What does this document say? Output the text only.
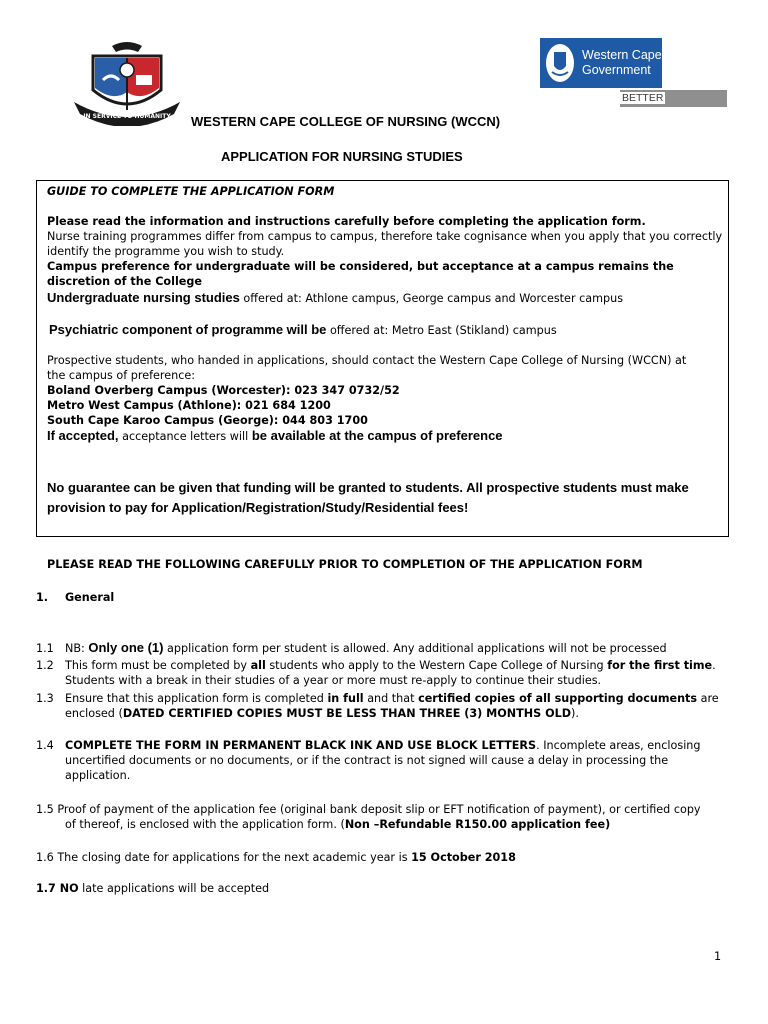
IN SERVICE TO HUMANITY
Western Cape
Government
BETTER TOGETHER.
WESTERN CAPE COLLEGE OF NURSING (WCCN)
APPLICATION FOR NURSING STUDIES
GUIDE TO COMPLETE THE APPLICATION FORM
Please read the information and instructions carefully before completing the application form.
Nurse training programmes differ from campus to campus, therefore take cognisance when you apply that you correctly identify the programme you wish to study.
Campus preference for undergraduate will be considered, but acceptance at a campus remains the discretion of the College
Undergraduate nursing studies offered at: Athlone campus, George campus and Worcester campus
Psychiatric component of programme will be offered at: Metro East (Stikland) campus
Prospective students, who handed in applications, should contact the Western Cape College of Nursing (WCCN) at the campus of preference:
Boland Overberg Campus (Worcester): 023 347 0732/52
Metro West Campus (Athlone): 021 684 1200
South Cape Karoo Campus (George): 044 803 1700
If accepted, acceptance letters will be available at the campus of preference
No guarantee can be given that funding will be granted to students. All prospective students must make provision to pay for Application/Registration/Study/Residential fees!
PLEASE READ THE FOLLOWING CAREFULLY PRIOR TO COMPLETION OF THE APPLICATION FORM
1. General
1.1 NB: Only one (1) application form per student is allowed. Any additional applications will not be processed
1.2 This form must be completed by all students who apply to the Western Cape College of Nursing for the first time.
Students with a break in their studies of a year or more must re-apply to continue their studies.
1.3 Ensure that this application form is completed in full and that certified copies of all supporting documents are
enclosed (DATED CERTIFIED COPIES MUST BE LESS THAN THREE (3) MONTHS OLD).
1.4 COMPLETE THE FORM IN PERMANENT BLACK INK AND USE BLOCK LETTERS. Incomplete areas, enclosing
uncertified documents or no documents, or if the contract is not signed will cause a delay in processing the
application.
1.5 Proof of payment of the application fee (original bank deposit slip or EFT notification of payment), or certified copy
of thereof, is enclosed with the application form. (Non –Refundable R150.00 application fee)
1.6 The closing date for applications for the next academic year is 15 October 2018
1.7 NO late applications will be accepted
1
